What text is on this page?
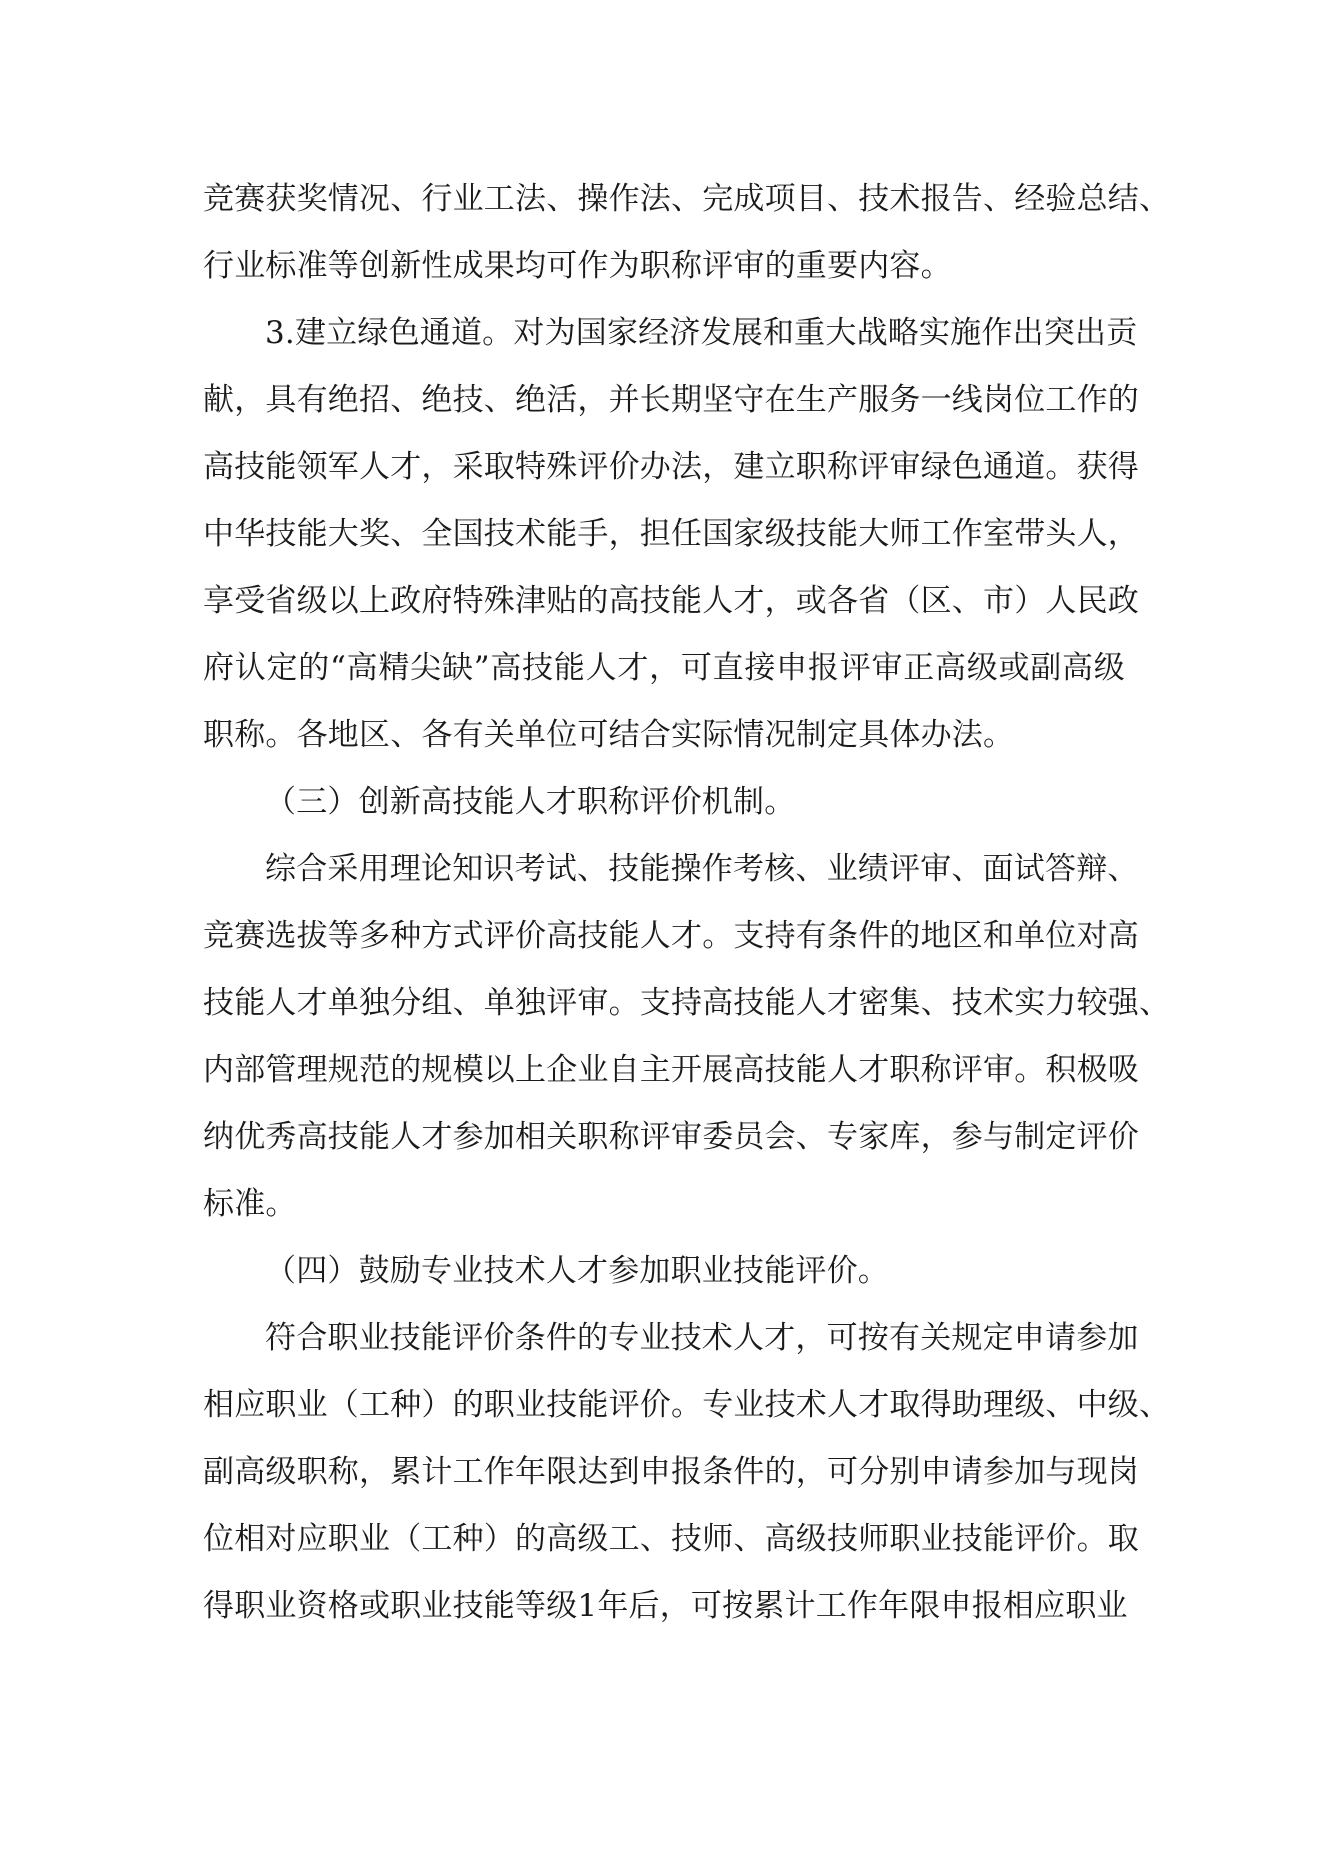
竞赛获奖情况、行业工法、操作法、完成项目、技术报告、经验总结、
行业标准等创新性成果均可作为职称评审的重要内容。
3.建立绿色通道。对为国家经济发展和重大战略实施作出突出贡
献，具有绝招、绝技、绝活，并长期坚守在生产服务一线岗位工作的
高技能领军人才，采取特殊评价办法，建立职称评审绿色通道。获得
中华技能大奖、全国技术能手，担任国家级技能大师工作室带头人，
享受省级以上政府特殊津贴的高技能人才，或各省（区、市）人民政
府认定的“高精尖缺”高技能人才，可直接申报评审正高级或副高级
职称。各地区、各有关单位可结合实际情况制定具体办法。
（三）创新高技能人才职称评价机制。
综合采用理论知识考试、技能操作考核、业绩评审、面试答辩、
竞赛选拔等多种方式评价高技能人才。支持有条件的地区和单位对高
技能人才单独分组、单独评审。支持高技能人才密集、技术实力较强、
内部管理规范的规模以上企业自主开展高技能人才职称评审。积极吸
纳优秀高技能人才参加相关职称评审委员会、专家库，参与制定评价
标准。
（四）鼓励专业技术人才参加职业技能评价。
符合职业技能评价条件的专业技术人才，可按有关规定申请参加
相应职业（工种）的职业技能评价。专业技术人才取得助理级、中级、
副高级职称，累计工作年限达到申报条件的，可分别申请参加与现岗
位相对应职业（工种）的高级工、技师、高级技师职业技能评价。取
得职业资格或职业技能等级1年后，可按累计工作年限申报相应职业
